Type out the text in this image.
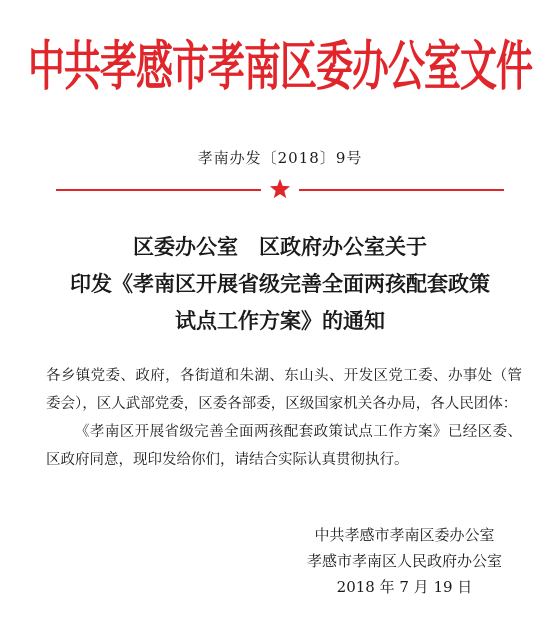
中共孝感市孝南区委办公室文件
孝南办发〔2018〕9号
区委办公室　区政府办公室关于
印发《孝南区开展省级完善全面两孩配套政策
试点工作方案》的通知

各乡镇党委、政府，各街道和朱湖、东山头、开发区党工委、办事处（管委会），区人武部党委，区委各部委，区级国家机关各办局，各人民团体：

《孝南区开展省级完善全面两孩配套政策试点工作方案》已经区委、区政府同意，现印发给你们，请结合实际认真贯彻执行。

中共孝感市孝南区委办公室
孝感市孝南区人民政府办公室
2018 年 7 月 19 日
